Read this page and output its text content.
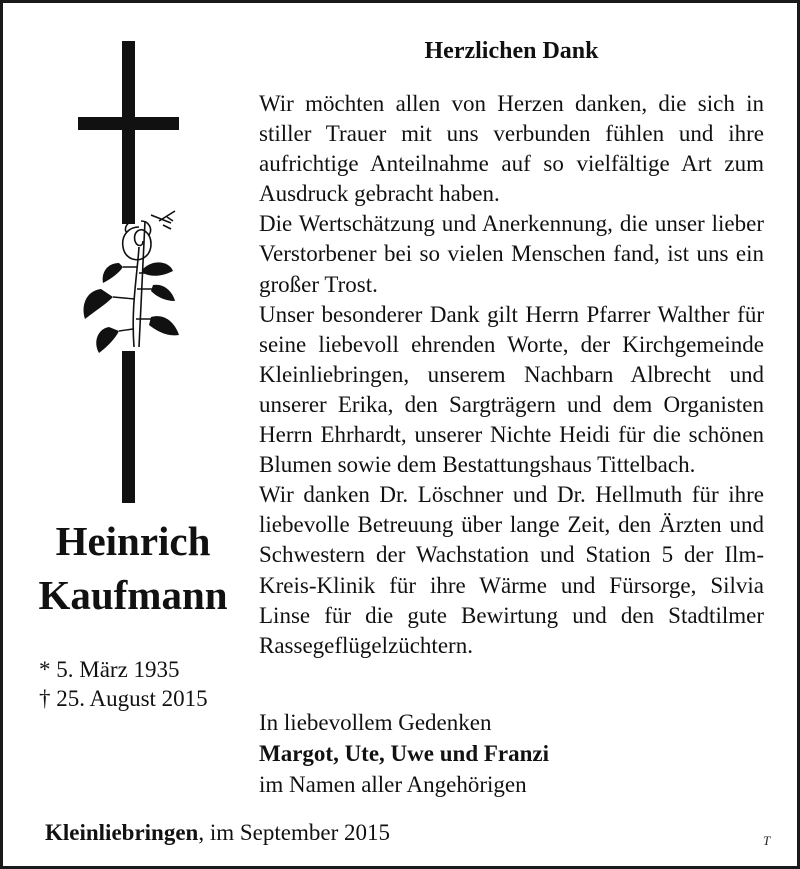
Heinrich
Kaufmann
* 5. März 1935
† 25. August 2015
Herzlichen Dank

Wir möchten allen von Herzen danken, die sich in stiller Trauer mit uns verbunden fühlen und ihre aufrichtige Anteilnahme auf so vielfältige Art zum Ausdruck gebracht haben.

Die Wertschätzung und Anerkennung, die unser lieber Verstorbener bei so vielen Menschen fand, ist uns ein großer Trost.

Unser besonderer Dank gilt Herrn Pfarrer Walther für seine liebevoll ehrenden Worte, der Kirchgemeinde Kleinliebringen, unserem Nachbarn Albrecht und unserer Erika, den Sargträgern und dem Organisten Herrn Ehrhardt, unserer Nichte Heidi für die schönen Blumen sowie dem Bestattungshaus Tittelbach.

Wir danken Dr. Löschner und Dr. Hellmuth für ihre liebevolle Betreuung über lange Zeit, den Ärzten und Schwestern der Wachstation und Station 5 der Ilm-Kreis-Klinik für ihre Wärme und Fürsorge, Silvia Linse für die gute Bewirtung und den Stadtilmer Rassegeflügelzüchtern.

In liebevollem Gedenken
Margot, Ute, Uwe und Franzi
im Namen aller Angehörigen
Kleinliebringen, im September 2015	T
